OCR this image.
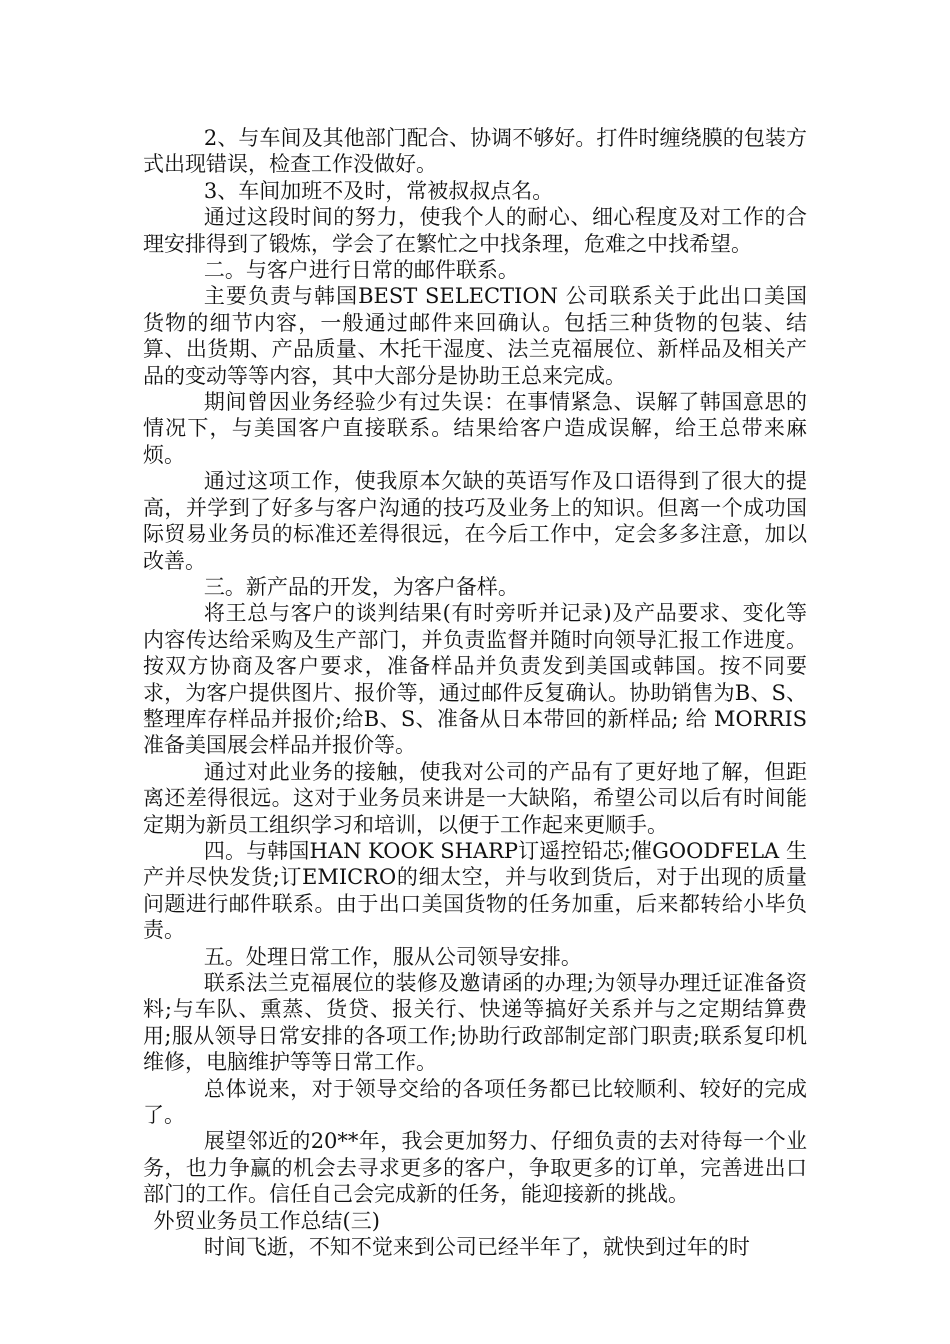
2、与车间及其他部门配合、协调不够好。打件时缠绕膜的包装方式出现错误，检查工作没做好。

3、车间加班不及时，常被叔叔点名。

通过这段时间的努力，使我个人的耐心、细心程度及对工作的合理安排得到了锻炼，学会了在繁忙之中找条理，危难之中找希望。

二。与客户进行日常的邮件联系。

主要负责与韩国BEST SELECTION 公司联系关于此出口美国货物的细节内容，一般通过邮件来回确认。包括三种货物的包装、结算、出货期、产品质量、木托干湿度、法兰克福展位、新样品及相关产品的变动等等内容，其中大部分是协助王总来完成。

期间曾因业务经验少有过失误：在事情紧急、误解了韩国意思的情况下，与美国客户直接联系。结果给客户造成误解，给王总带来麻烦。

通过这项工作，使我原本欠缺的英语写作及口语得到了很大的提高，并学到了好多与客户沟通的技巧及业务上的知识。但离一个成功国际贸易业务员的标准还差得很远，在今后工作中，定会多多注意，加以改善。

三。新产品的开发，为客户备样。

将王总与客户的谈判结果(有时旁听并记录)及产品要求、变化等内容传达给采购及生产部门，并负责监督并随时向领导汇报工作进度。按双方协商及客户要求，准备样品并负责发到美国或韩国。按不同要求，为客户提供图片、报价等，通过邮件反复确认。协助销售为B、S、 整理库存样品并报价;给B、S、准备从日本带回的新样品; 给 MORRIS 准备美国展会样品并报价等。

通过对此业务的接触，使我对公司的产品有了更好地了解，但距离还差得很远。这对于业务员来讲是一大缺陷，希望公司以后有时间能定期为新员工组织学习和培训，以便于工作起来更顺手。

四。与韩国HAN KOOK SHARP订遥控铅芯;催GOODFELA 生产并尽快发货;订EMICRO的细太空，并与收到货后，对于出现的质量问题进行邮件联系。由于出口美国货物的任务加重，后来都转给小毕负责。

五。处理日常工作，服从公司领导安排。

联系法兰克福展位的装修及邀请函的办理;为领导办理迁证准备资料;与车队、熏蒸、货贷、报关行、快递等搞好关系并与之定期结算费用;服从领导日常安排的各项工作;协助行政部制定部门职责;联系复印机维修，电脑维护等等日常工作。

总体说来，对于领导交给的各项任务都已比较顺利、较好的完成了。

展望邻近的20**年，我会更加努力、仔细负责的去对待每一个业务，也力争赢的机会去寻求更多的客户，争取更多的订单，完善进出口部门的工作。信任自己会完成新的任务，能迎接新的挑战。

外贸业务员工作总结(三)

时间飞逝，不知不觉来到公司已经半年了，就快到过年的时
